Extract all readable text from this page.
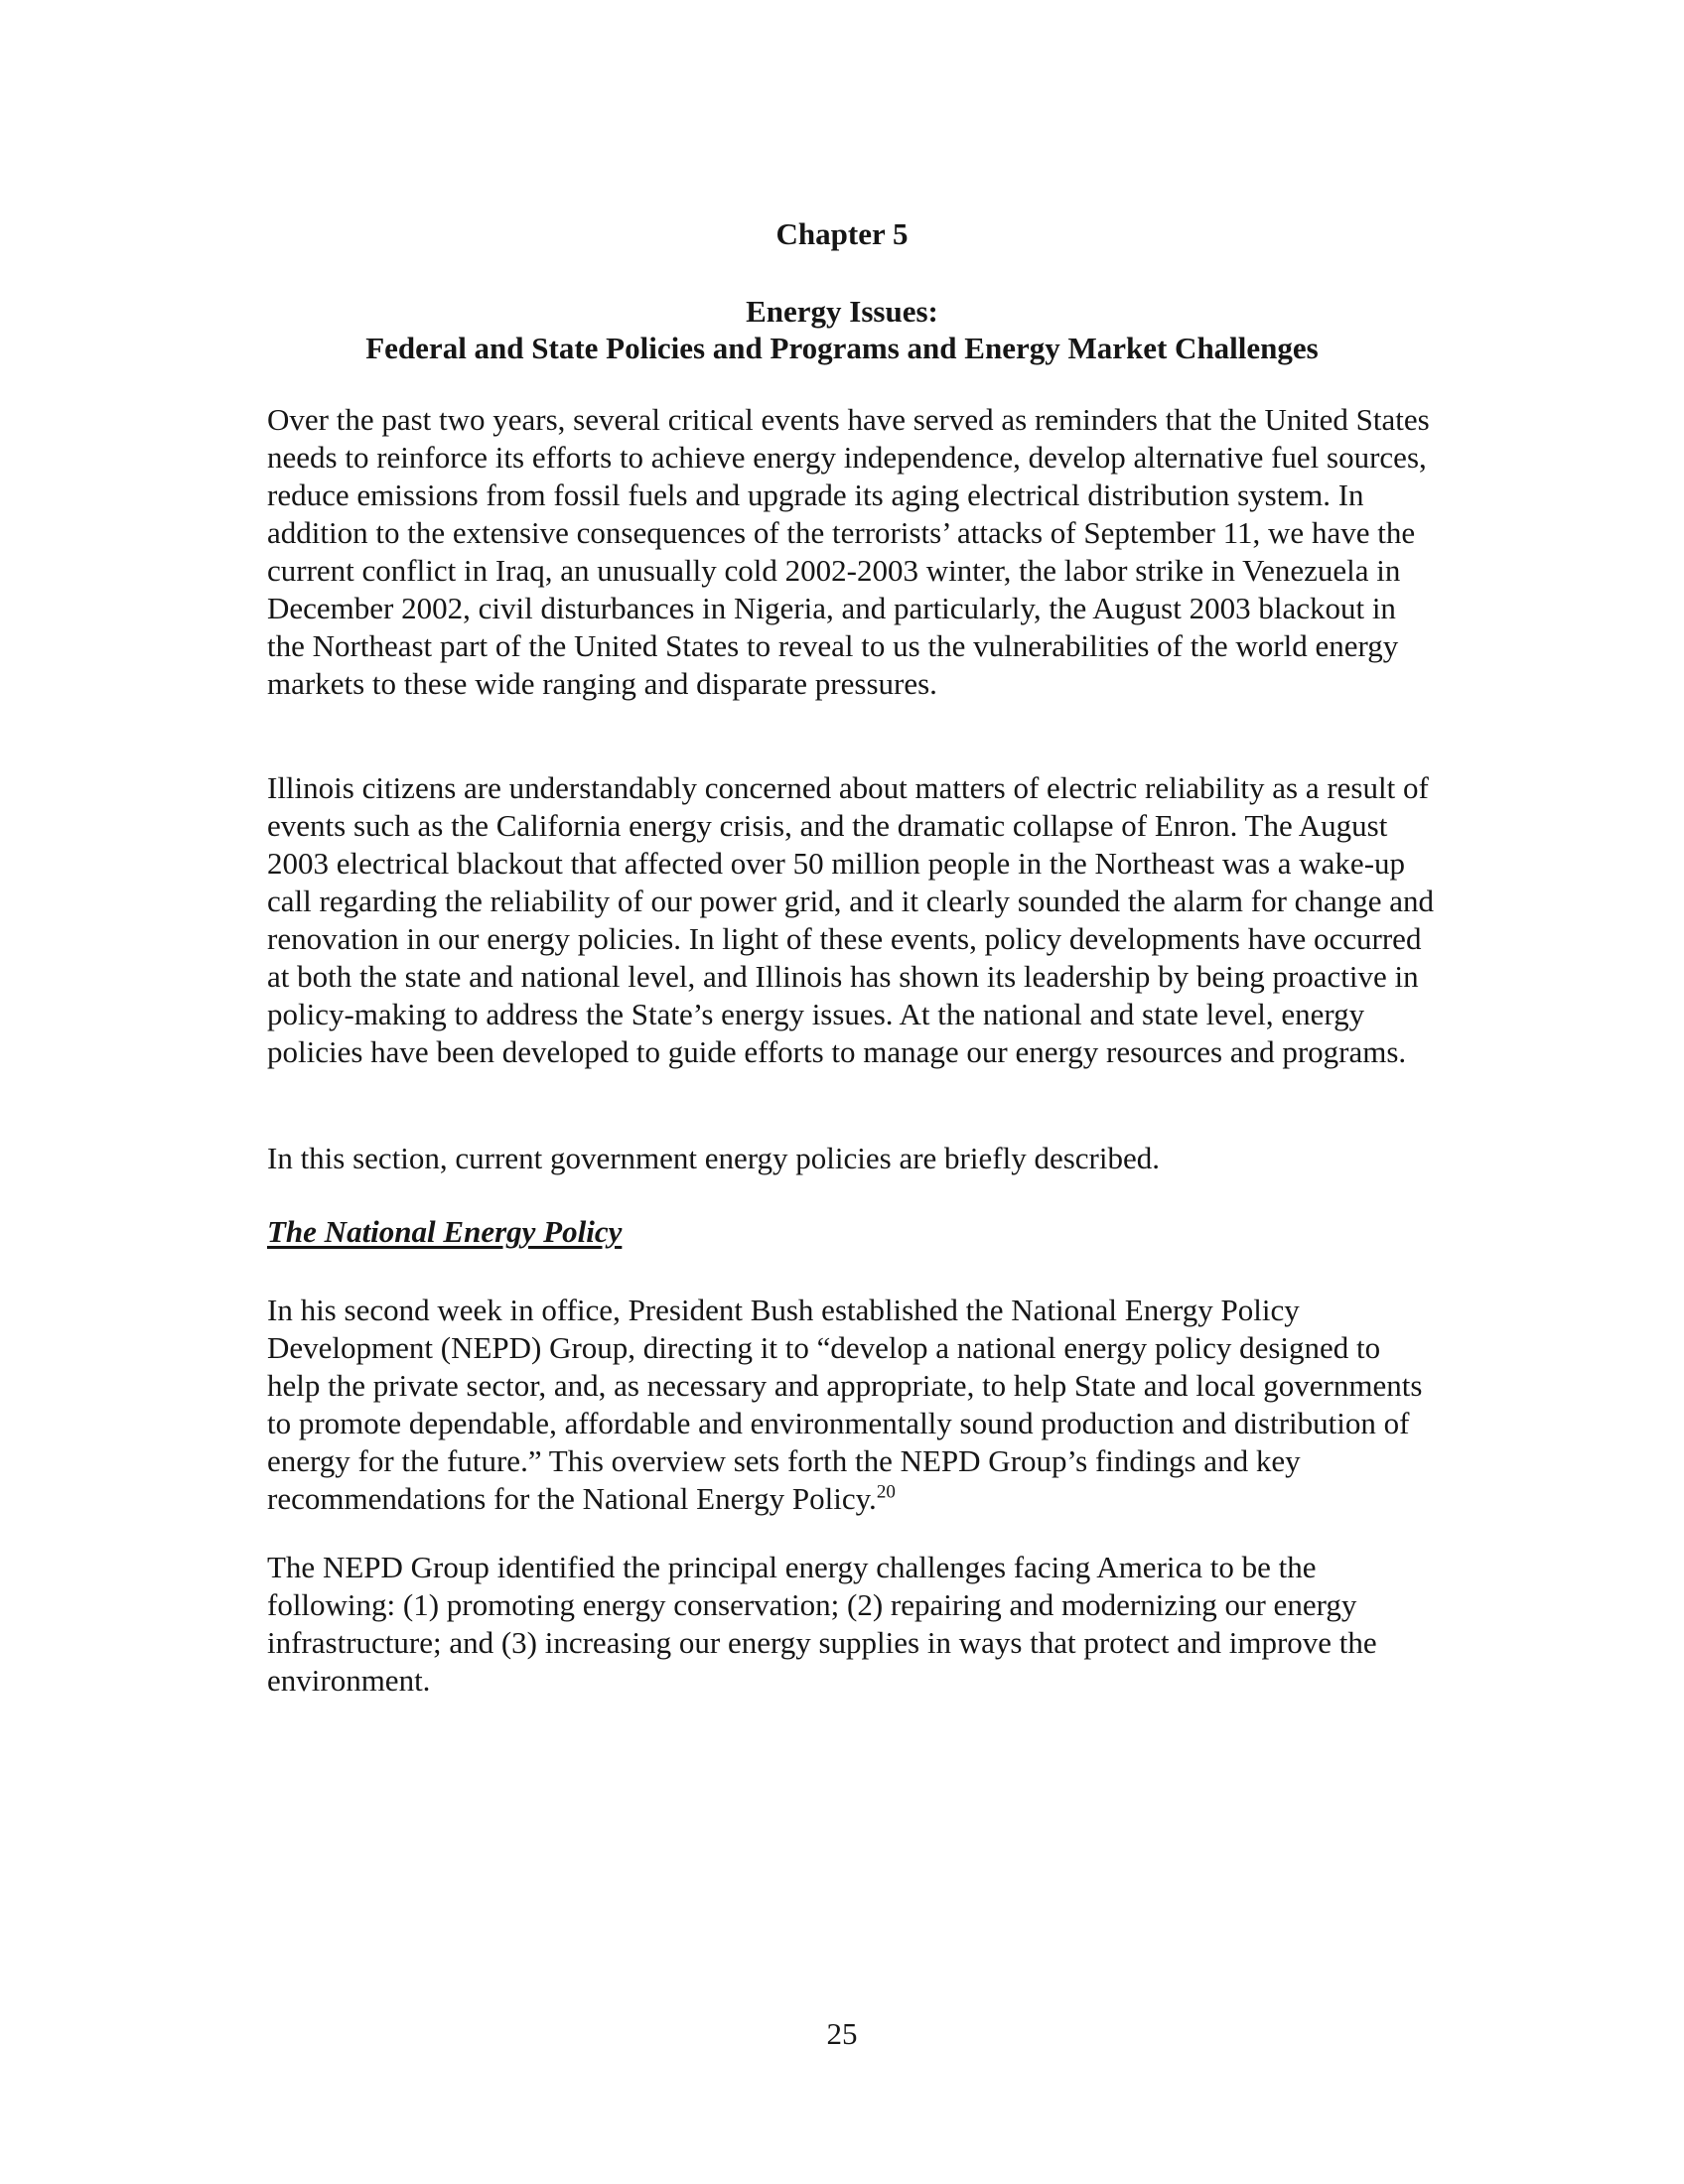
Chapter 5
Energy Issues:
Federal and State Policies and Programs and Energy Market Challenges

Over the past two years, several critical events have served as reminders that the United States needs to reinforce its efforts to achieve energy independence, develop alternative fuel sources, reduce emissions from fossil fuels and upgrade its aging electrical distribution system. In addition to the extensive consequences of the terrorists’ attacks of September 11, we have the current conflict in Iraq, an unusually cold 2002-2003 winter, the labor strike in Venezuela in December 2002, civil disturbances in Nigeria, and particularly, the August 2003 blackout in the Northeast part of the United States to reveal to us the vulnerabilities of the world energy markets to these wide ranging and disparate pressures.

Illinois citizens are understandably concerned about matters of electric reliability as a result of events such as the California energy crisis, and the dramatic collapse of Enron. The August 2003 electrical blackout that affected over 50 million people in the Northeast was a wake-up call regarding the reliability of our power grid, and it clearly sounded the alarm for change and renovation in our energy policies. In light of these events, policy developments have occurred at both the state and national level, and Illinois has shown its leadership by being proactive in policy-making to address the State’s energy issues. At the national and state level, energy policies have been developed to guide efforts to manage our energy resources and programs.

In this section, current government energy policies are briefly described.

The National Energy Policy

In his second week in office, President Bush established the National Energy Policy Development (NEPD) Group, directing it to “develop a national energy policy designed to help the private sector, and, as necessary and appropriate, to help State and local governments to promote dependable, affordable and environmentally sound production and distribution of energy for the future.” This overview sets forth the NEPD Group’s findings and key recommendations for the National Energy Policy.$^{20}$

The NEPD Group identified the principal energy challenges facing America to be the following: (1) promoting energy conservation; (2) repairing and modernizing our energy infrastructure; and (3) increasing our energy supplies in ways that protect and improve the environment.

25
